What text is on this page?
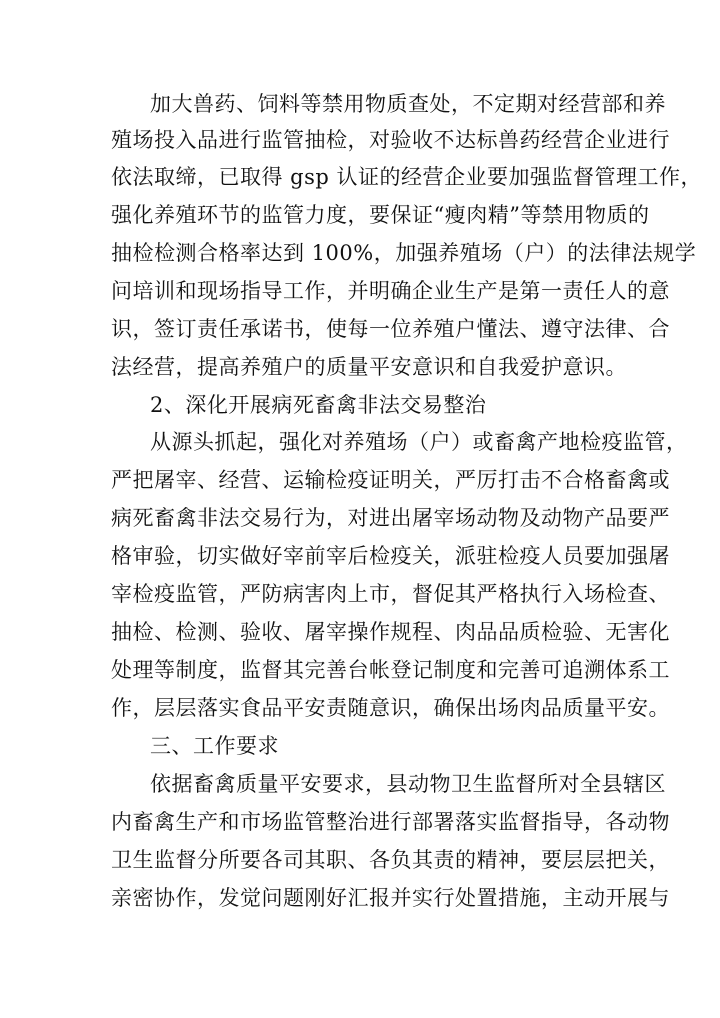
加大兽药、饲料等禁用物质查处，不定期对经营部和养
殖场投入品进行监管抽检，对验收不达标兽药经营企业进行
依法取缔，已取得 gsp 认证的经营企业要加强监督管理工作，
强化养殖环节的监管力度，要保证“瘦肉精”等禁用物质的
抽检检测合格率达到 100%，加强养殖场（户）的法律法规学
问培训和现场指导工作，并明确企业生产是第一责任人的意
识，签订责任承诺书，使每一位养殖户懂法、遵守法律、合
法经营，提高养殖户的质量平安意识和自我爱护意识。
2、深化开展病死畜禽非法交易整治
从源头抓起，强化对养殖场（户）或畜禽产地检疫监管，
严把屠宰、经营、运输检疫证明关，严厉打击不合格畜禽或
病死畜禽非法交易行为，对进出屠宰场动物及动物产品要严
格审验，切实做好宰前宰后检疫关，派驻检疫人员要加强屠
宰检疫监管，严防病害肉上市，督促其严格执行入场检查、
抽检、检测、验收、屠宰操作规程、肉品品质检验、无害化
处理等制度，监督其完善台帐登记制度和完善可追溯体系工
作，层层落实食品平安责随意识，确保出场肉品质量平安。
三、工作要求
依据畜禽质量平安要求，县动物卫生监督所对全县辖区
内畜禽生产和市场监管整治进行部署落实监督指导，各动物
卫生监督分所要各司其职、各负其责的精神，要层层把关，
亲密协作，发觉问题刚好汇报并实行处置措施，主动开展与
